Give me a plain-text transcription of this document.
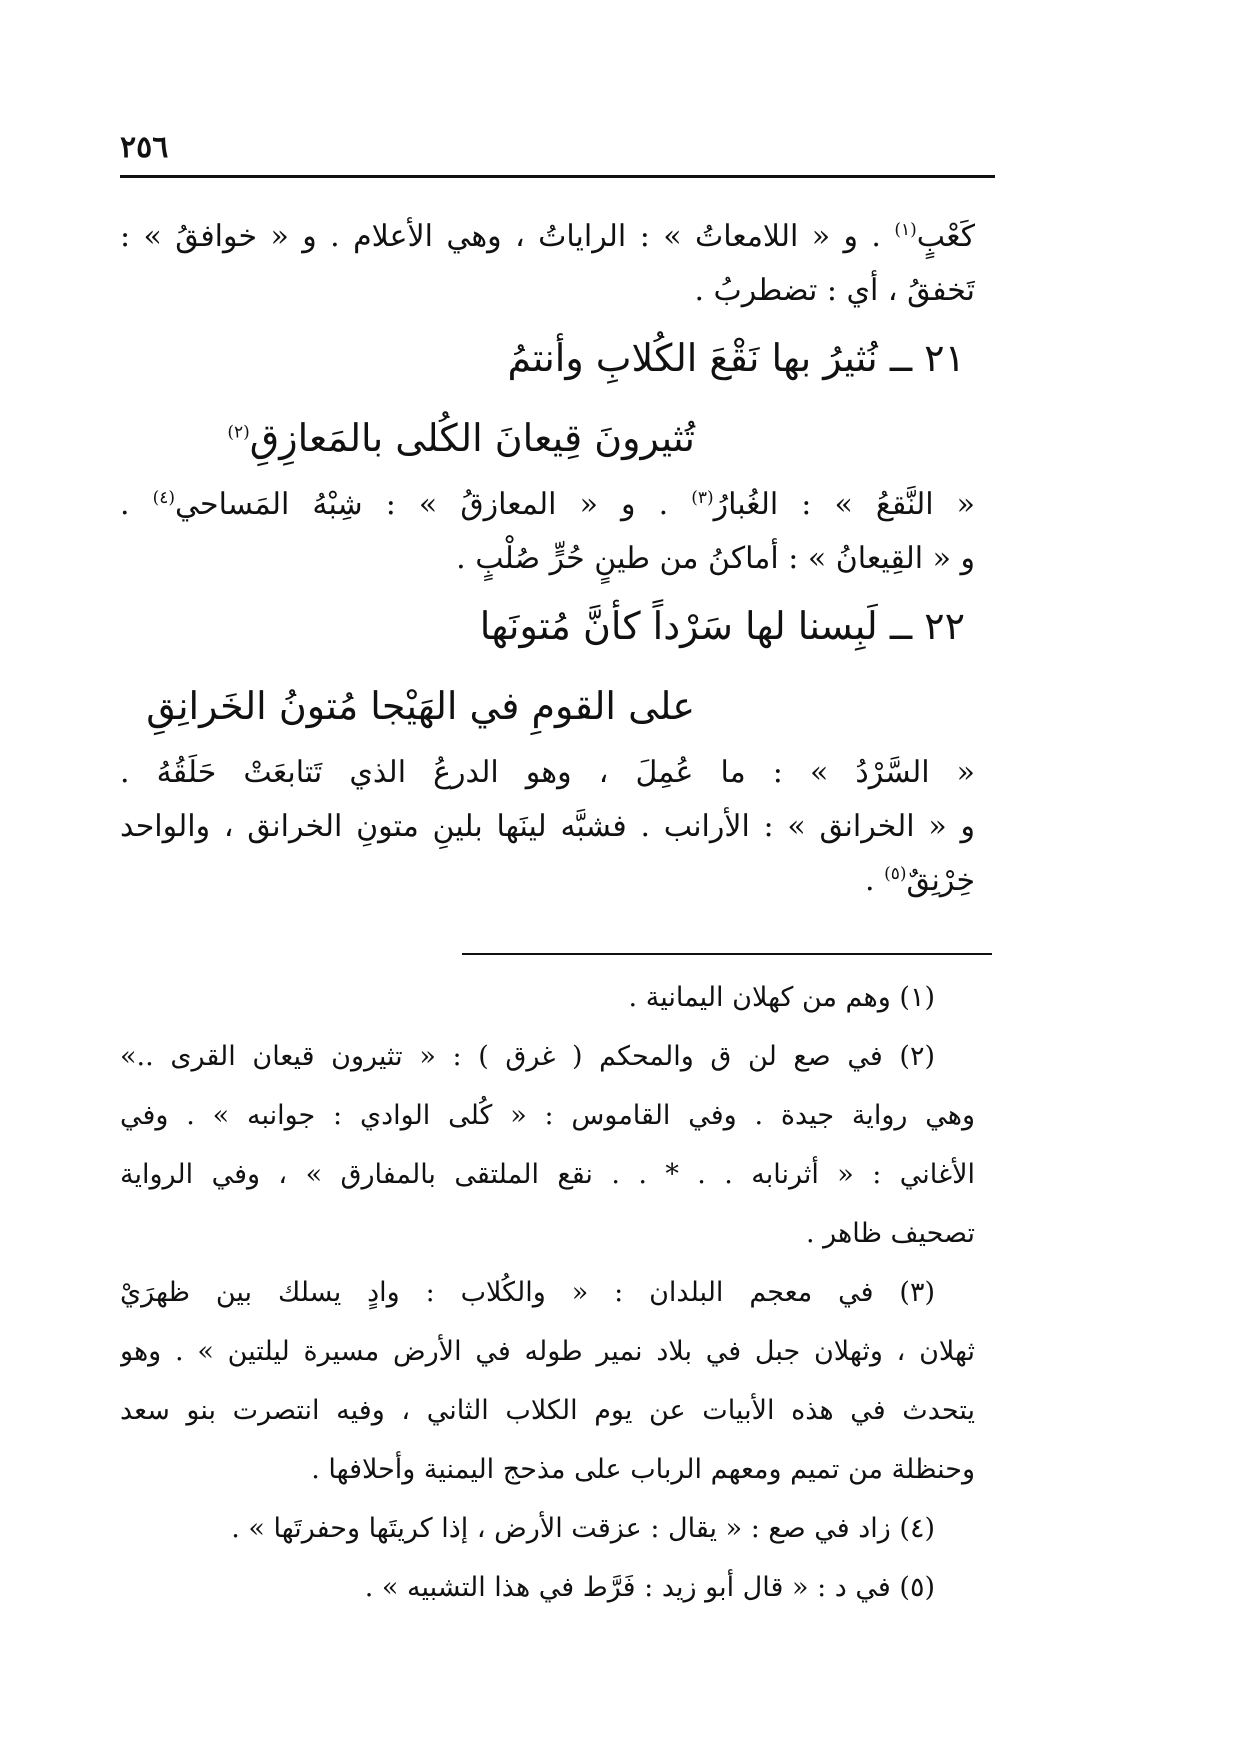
٢٥٦
كَعْبٍ$^{(١)}$ . و « اللامعاتُ » : الراياتُ ، وهي الأعلام . و « خوافقُ » :
تَخفقُ ، أي : تضطربُ .
٢١ ــ نُثيرُ بها نَقْعَ الكُلابِ وأنتمُ
تُثيرونَ قِيعانَ الكُلى بالمَعازِقِ$^{(٢)}$
« النَّقعُ » : الغُبارُ$^{(٣)}$ . و « المعازقُ » : شِبْهُ المَساحي$^{(٤)}$ .
و « القِيعانُ » : أماكنُ من طينٍ حُرٍّ صُلْبٍ .
٢٢ ــ لَبِسنا لها سَرْداً كأنَّ مُتونَها
على القومِ في الهَيْجا مُتونُ الخَرانِقِ
« السَّرْدُ » : ما عُمِلَ ، وهو الدرعُ الذي تَتابعَتْ حَلَقُهُ .
و « الخرانق » : الأرانب . فشبَّه لينَها بلينِ متونِ الخرانق ، والواحد
خِرْنِقٌ$^{(٥)}$ .
(١) وهم من كهلان اليمانية .
(٢) في صع لن ق والمحكم ( غرق ) : « تثيرون قيعان القرى ..»
وهي رواية جيدة . وفي القاموس : « كُلى الوادي : جوانبه » . وفي
الأغاني : « أثرنابه . . * . . نقع الملتقى بالمفارق » ، وفي الرواية
تصحيف ظاهر .
(٣) في معجم البلدان : « والكُلاب : وادٍ يسلك بين ظهرَيْ
ثهلان ، وثهلان جبل في بلاد نمير طوله في الأرض مسيرة ليلتين » . وهو
يتحدث في هذه الأبيات عن يوم الكلاب الثاني ، وفيه انتصرت بنو سعد
وحنظلة من تميم ومعهم الرباب على مذحج اليمنية وأحلافها .
(٤) زاد في صع : « يقال : عزقت الأرض ، إذا كريتَها وحفرتَها » .
(٥) في د : « قال أبو زيد : فَرَّط في هذا التشبيه » .
